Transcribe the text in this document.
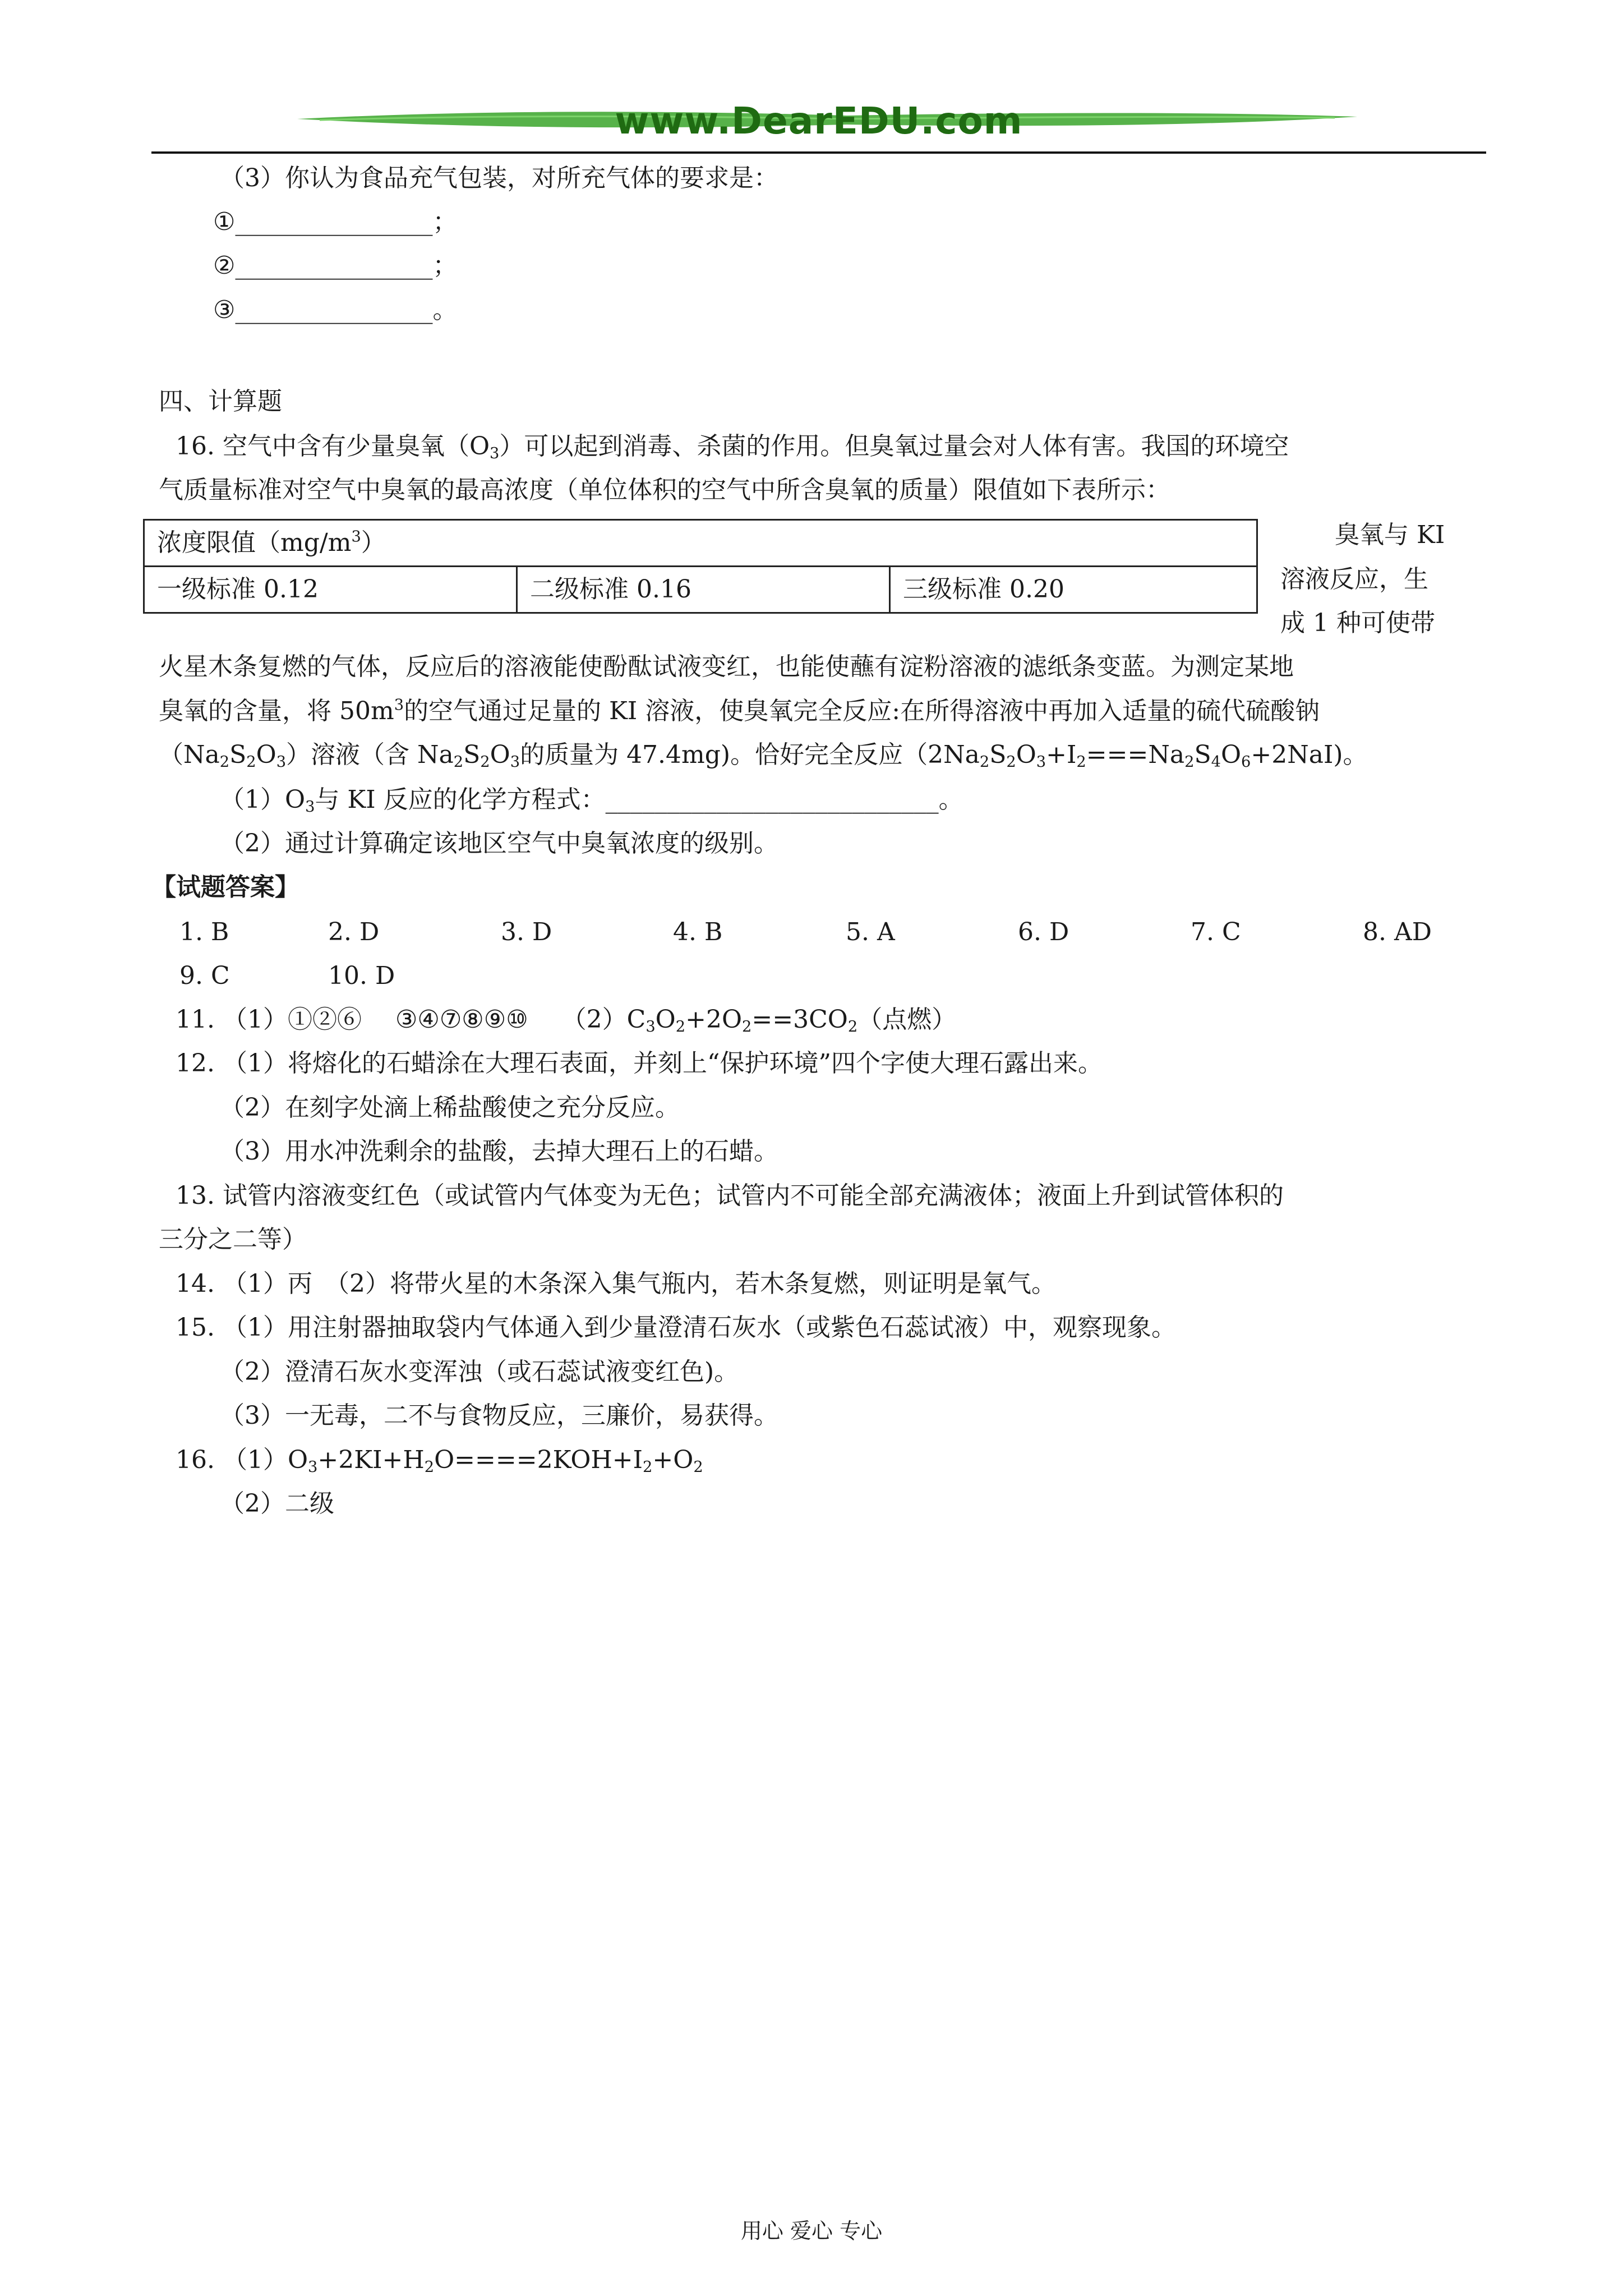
www.DearEDU.com
（3）你认为食品充气包装，对所充气体的要求是：
①________________；
②________________；
③________________。
四、计算题
16. 空气中含有少量臭氧$(O_3)$可以起到消毒、杀菌的作用。但臭氧过量会对人体有害。我国的环境空
气质量标准对空气中臭氧的最高浓度（单位体积的空气中所含臭氧的质量）限值如下表所示：
浓度限值$(mg/m^3)$
一级标准 0.12	二级标准 0.16	三级标准 0.20
臭氧与 KI
溶液反应，生
成 1 种可使带
火星木条复燃的气体，反应后的溶液能使酚酞试液变红，也能使蘸有淀粉溶液的滤纸条变蓝。为测定某地
臭氧的含量，将 $50m^3$的空气通过足量的 KI 溶液，使臭氧完全反应:在所得溶液中再加入适量的硫代硫酸钠
$(Na_2S_2O_3)$溶液（含 $Na_2S_2O_3$的质量为 47.4mg)。恰好完全反应$(2Na_2S_2O_3+I_2===Na_2S_4O_6+2NaI)$。
$(1)O_3$与 KI 反应的化学方程式：___________________________。
（2）通过计算确定该地区空气中臭氧浓度的级别。
【试题答案】
1. B	2. D	3. D	4. B	5. A	6. D	7. C	8. AD
9. C	10. D
11. （1）①②⑥ ③④⑦⑧⑨⑩ $(2)C_3O_2+2O_2==3CO_2$（点燃）
12. （1）将熔化的石蜡涂在大理石表面，并刻上“保护环境”四个字使大理石露出来。
（2）在刻字处滴上稀盐酸使之充分反应。
（3）用水冲洗剩余的盐酸，去掉大理石上的石蜡。
13. 试管内溶液变红色（或试管内气体变为无色；试管内不可能全部充满液体；液面上升到试管体积的
三分之二等）
14. （1）丙　（2）将带火星的木条深入集气瓶内，若木条复燃，则证明是氧气。
15. （1）用注射器抽取袋内气体通入到少量澄清石灰水（或紫色石蕊试液）中，观察现象。
（2）澄清石灰水变浑浊（或石蕊试液变红色)。
（3）一无毒，二不与食物反应，三廉价，易获得。
16. $(1)O_3+2KI+H_2O====2KOH+I_2+O_2$
（2）二级
用心 爱心 专心
